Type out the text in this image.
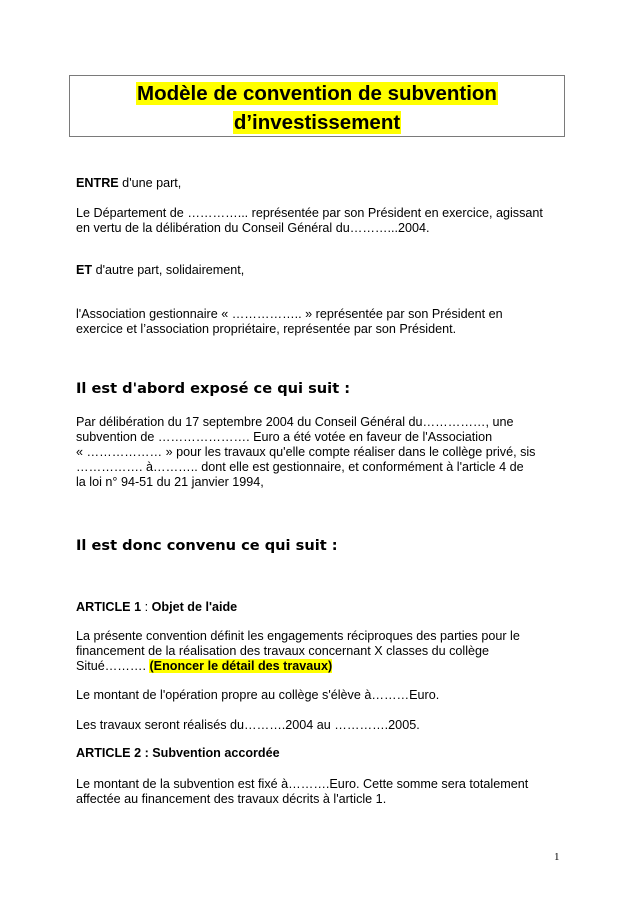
Modèle de convention de subvention
d’investissement

ENTRE d'une part,

Le Département de …………... représentée par son Président en exercice, agissant
en vertu de la délibération du Conseil Général du………...2004.

ET d'autre part, solidairement,

l'Association gestionnaire « …………….. » représentée par son Président en
exercice et l’association propriétaire, représentée par son Président.

Il est d'abord exposé ce qui suit :

Par délibération du 17 septembre 2004 du Conseil Général du……………, une
subvention de …………………. Euro a été votée en faveur de l'Association
« ……………… » pour les travaux qu'elle compte réaliser dans le collège privé, sis
……………. à……….. dont elle est gestionnaire, et conformément à l'article 4 de
la loi n° 94-51 du 21 janvier 1994,

Il est donc convenu ce qui suit :

ARTICLE 1 : Objet de l'aide

La présente convention définit les engagements réciproques des parties pour le
financement de la réalisation des travaux concernant X classes du collège
Situé………. (Enoncer le détail des travaux)

Le montant de l'opération propre au collège s'élève à………Euro.

Les travaux seront réalisés du……….2004 au ………….2005.

ARTICLE 2 : Subvention accordée

Le montant de la subvention est fixé à……….Euro. Cette somme sera totalement
affectée au financement des travaux décrits à l'article 1.

1
